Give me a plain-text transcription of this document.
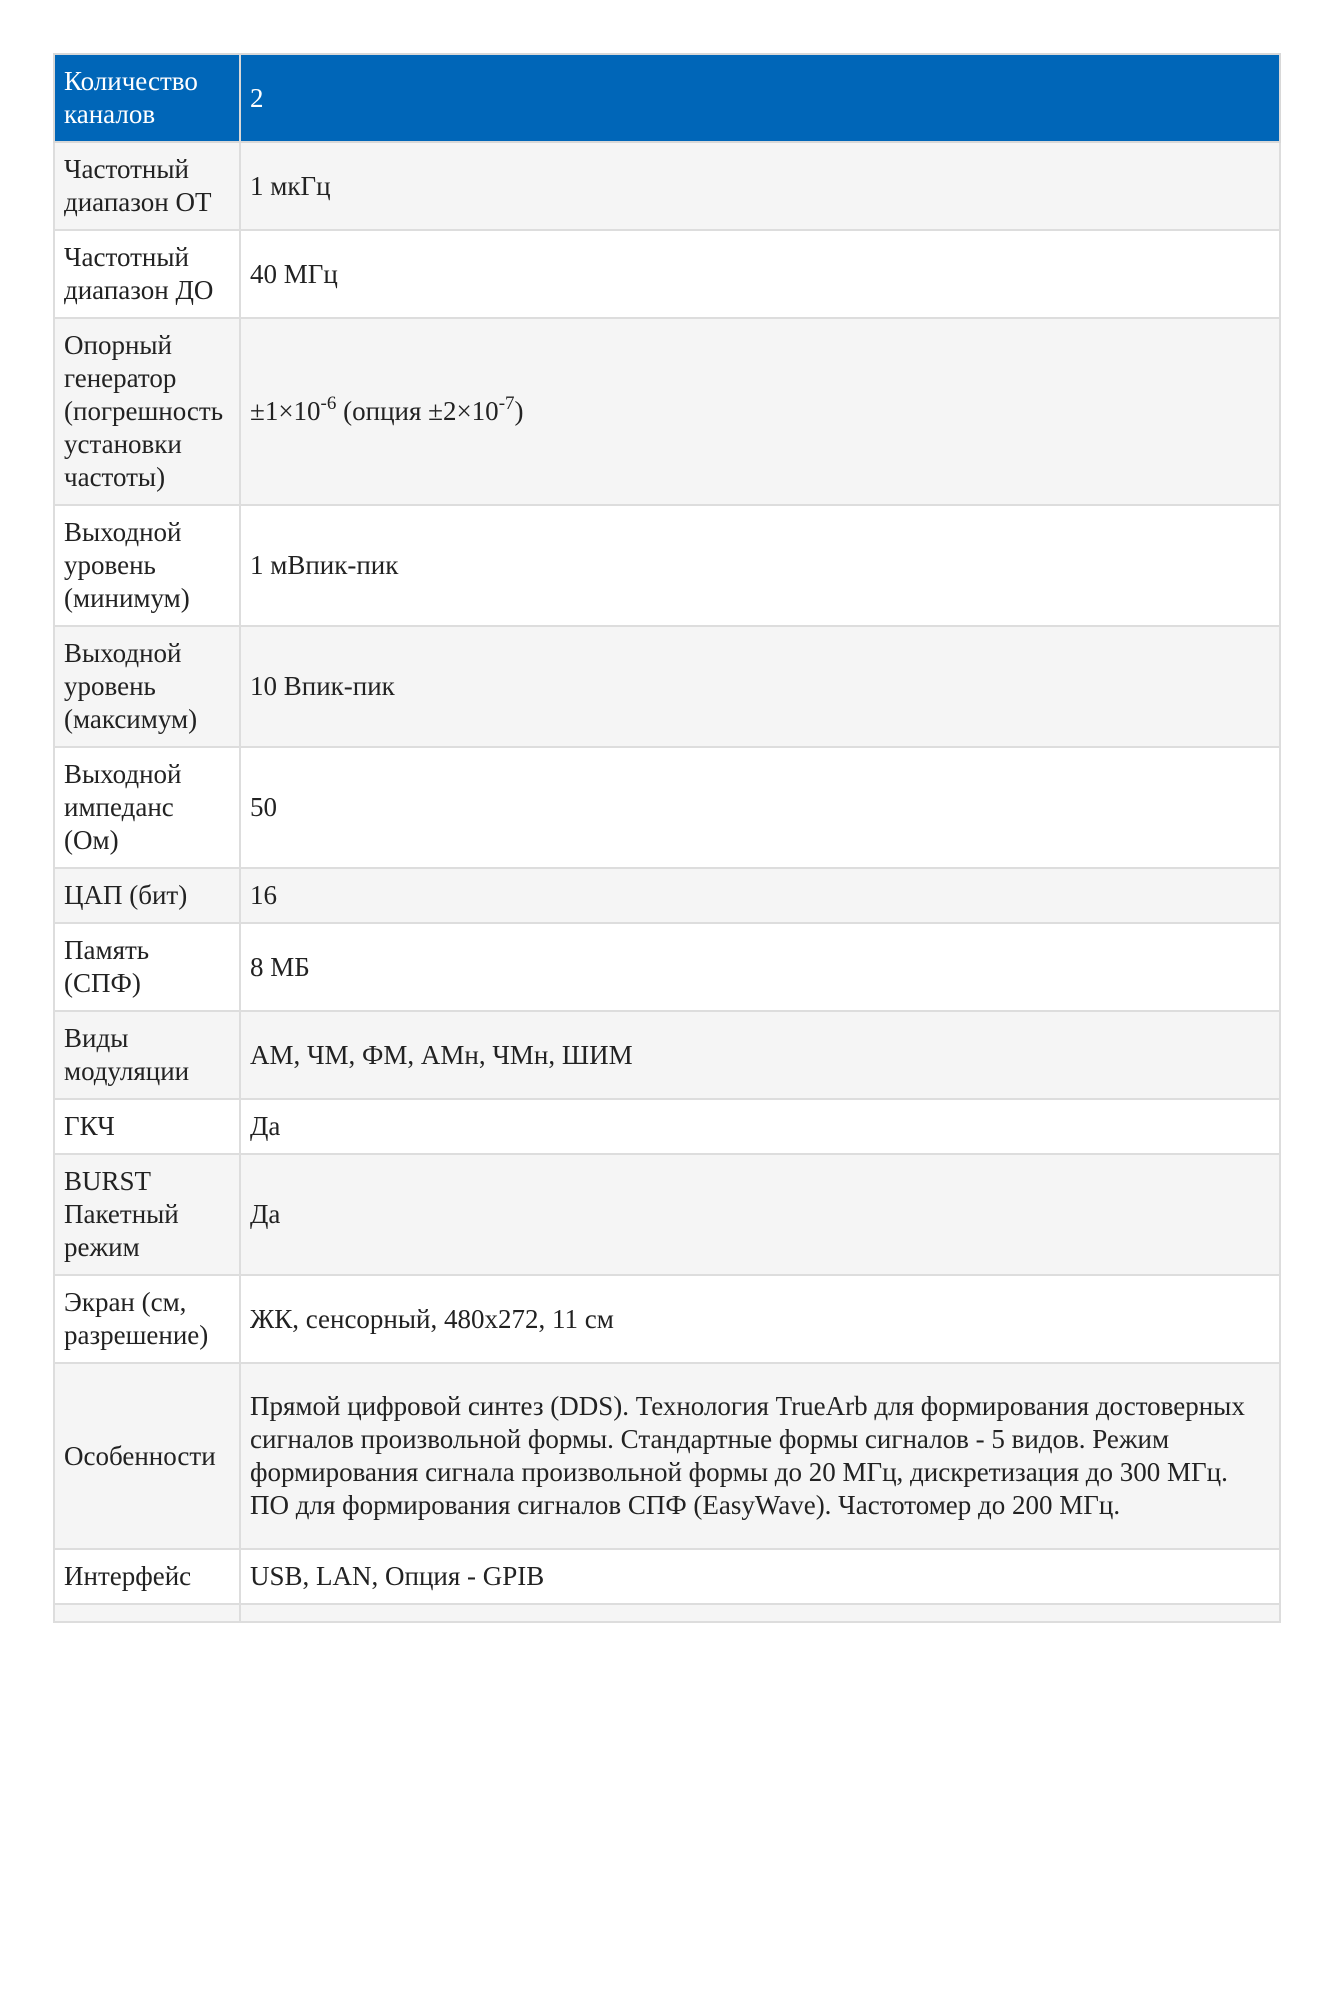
Количество каналов	2
Частотный диапазон ОТ	1 мкГц
Частотный диапазон ДО	40 МГц
Опорный генератор (погрешность установки частоты)	$\pm 1\times 10^{-6}$ (опция $\pm 2\times 10^{-7}$)
Выходной уровень (минимум)	1 мВпик-пик
Выходной уровень (максимум)	10 Впик-пик
Выходной импеданс (Ом)	50
ЦАП (бит)	16
Память (СПФ)	8 МБ
Виды модуляции	АМ, ЧМ, ФМ, АМн, ЧМн, ШИМ
ГКЧ	Да
BURST Пакетный режим	Да
Экран (см, разрешение)	ЖК, сенсорный, 480x272, 11 см
Особенности	Прямой цифровой синтез (DDS). Технология TrueArb для формирования достоверных сигналов произвольной формы. Стандартные формы сигналов - 5 видов. Режим формирования сигнала произвольной формы до 20 МГц, дискретизация до 300 МГц. ПО для формирования сигналов СПФ (EasyWave). Частотомер до 200 МГц.
Интерфейс	USB, LAN, Опция - GPIB
